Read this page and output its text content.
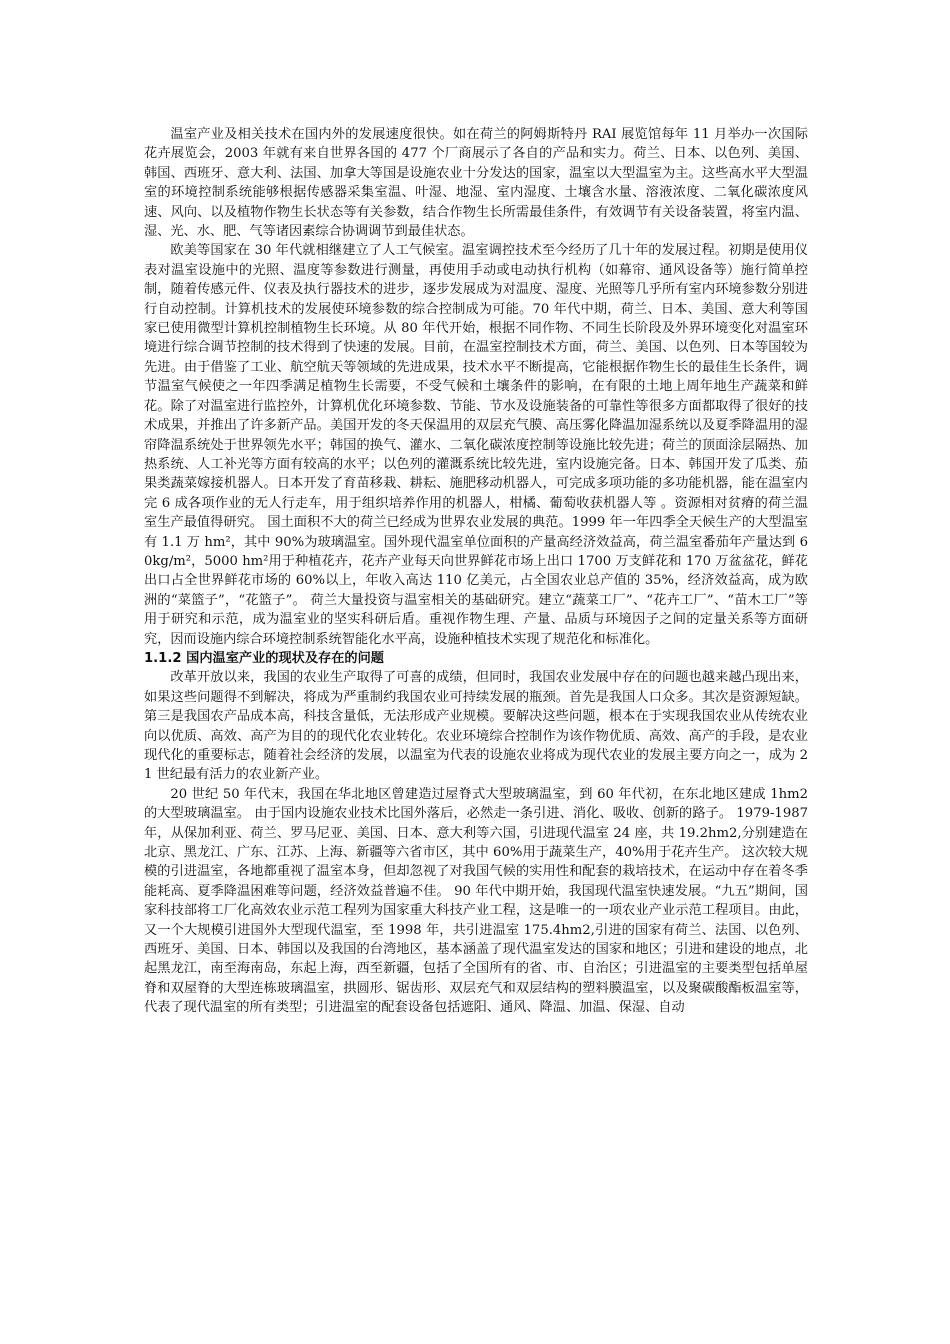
温室产业及相关技术在国内外的发展速度很快。如在荷兰的阿姆斯特丹 RAI 展览馆每年 11 月举办一次国际花卉展览会，2003 年就有来自世界各国的 477 个厂商展示了各自的产品和实力。荷兰、日本、以色列、美国、韩国、西班牙、意大利、法国、加拿大等国是设施农业十分发达的国家，温室以大型温室为主。这些高水平大型温室的环境控制系统能够根据传感器采集室温、叶湿、地湿、室内湿度、土壤含水量、溶液浓度、二氧化碳浓度风速、风向、以及植物作物生长状态等有关参数，结合作物生长所需最佳条件，有效调节有关设备装置，将室内温、湿、光、水、肥、气等诸因素综合协调调节到最佳状态。

欧美等国家在 30 年代就相继建立了人工气候室。温室调控技术至今经历了几十年的发展过程。初期是使用仪表对温室设施中的光照、温度等参数进行测量，再使用手动或电动执行机构（如幕帘、通风设备等）施行简单控制，随着传感元件、仪表及执行器技术的进步，逐步发展成为对温度、湿度、光照等几乎所有室内环境参数分别进行自动控制。计算机技术的发展使环境参数的综合控制成为可能。70 年代中期，荷兰、日本、美国、意大利等国家已使用微型计算机控制植物生长环境。从 80 年代开始，根据不同作物、不同生长阶段及外界环境变化对温室环境进行综合调节控制的技术得到了快速的发展。目前，在温室控制技术方面，荷兰、美国、以色列、日本等国较为先进。由于借鉴了工业、航空航天等领域的先进成果，技术水平不断提高，它能根据作物生长的最佳生长条件，调节温室气候使之一年四季满足植物生长需要，不受气候和土壤条件的影响，在有限的土地上周年地生产蔬菜和鲜花。除了对温室进行监控外，计算机优化环境参数、节能、节水及设施装备的可靠性等很多方面都取得了很好的技术成果，并推出了许多新产品。美国开发的冬天保温用的双层充气膜、高压雾化降温加湿系统以及夏季降温用的湿帘降温系统处于世界领先水平；韩国的换气、灌水、二氧化碳浓度控制等设施比较先进；荷兰的顶面涂层隔热、加热系统、人工补光等方面有较高的水平；以色列的灌溉系统比较先进，室内设施完备。日本、韩国开发了瓜类、茄果类蔬菜嫁接机器人。日本开发了育苗移栽、耕耘、施肥移动机器人，可完成多项功能的多功能机器，能在温室内完 6 成各项作业的无人行走车，用于组织培养作用的机器人，柑橘、葡萄收获机器人等 。资源相对贫瘠的荷兰温室生产最值得研究。 国土面积不大的荷兰已经成为世界农业发展的典范。1999 年一年四季全天候生产的大型温室有 1.1 万 hm²，其中 90%为玻璃温室。国外现代温室单位面积的产量高经济效益高，荷兰温室番茄年产量达到 60kg/m²，5000 hm²用于种植花卉，花卉产业每天向世界鲜花市场上出口 1700 万支鲜花和 170 万盆盆花，鲜花出口占全世界鲜花市场的 60%以上，年收入高达 110 亿美元，占全国农业总产值的 35%，经济效益高，成为欧洲的“菜篮子”，“花篮子”。 荷兰大量投资与温室相关的基础研究。建立“蔬菜工厂”、“花卉工厂”、“苗木工厂”等用于研究和示范，成为温室业的坚实科研后盾。重视作物生理、产量、品质与环境因子之间的定量关系等方面研究，因而设施内综合环境控制系统智能化水平高，设施种植技术实现了规范化和标准化。

1.1.2 国内温室产业的现状及存在的问题

改革开放以来，我国的农业生产取得了可喜的成绩，但同时，我国农业发展中存在的问题也越来越凸现出来，如果这些问题得不到解决，将成为严重制约我国农业可持续发展的瓶颈。首先是我国人口众多。其次是资源短缺。第三是我国农产品成本高，科技含量低，无法形成产业规模。要解决这些问题，根本在于实现我国农业从传统农业向以优质、高效、高产为目的的现代化农业转化。农业环境综合控制作为该作物优质、高效、高产的手段，是农业现代化的重要标志，随着社会经济的发展，以温室为代表的设施农业将成为现代农业的发展主要方向之一，成为 21 世纪最有活力的农业新产业。

20 世纪 50 年代末，我国在华北地区曾建造过屋脊式大型玻璃温室，到 60 年代初，在东北地区建成 1hm2 的大型玻璃温室。 由于国内设施农业技术比国外落后，必然走一条引进、消化、吸收、创新的路子。 1979-1987 年，从保加利亚、荷兰、罗马尼亚、美国、日本、意大利等六国，引进现代温室 24 座，共 19.2hm2,分别建造在北京、黑龙江、广东、江苏、上海、新疆等六省市区，其中 60%用于蔬菜生产，40%用于花卉生产。 这次较大规模的引进温室，各地都重视了温室本身，但却忽视了对我国气候的实用性和配套的栽培技术，在运动中存在着冬季能耗高、夏季降温困难等问题，经济效益普遍不佳。 90 年代中期开始，我国现代温室快速发展。“九五”期间，国家科技部将工厂化高效农业示范工程列为国家重大科技产业工程，这是唯一的一项农业产业示范工程项目。由此，又一个大规模引进国外大型现代温室，至 1998 年，共引进温室 175.4hm2,引进的国家有荷兰、法国、以色列、西班牙、美国、日本、韩国以及我国的台湾地区，基本涵盖了现代温室发达的国家和地区；引进和建设的地点，北起黑龙江，南至海南岛，东起上海，西至新疆，包括了全国所有的省、市、自治区；引进温室的主要类型包括单屋脊和双屋脊的大型连栋玻璃温室，拱圆形、锯齿形、双层充气和双层结构的塑料膜温室，以及聚碳酸酯板温室等，代表了现代温室的所有类型；引进温室的配套设备包括遮阳、通风、降温、加温、保湿、自动
